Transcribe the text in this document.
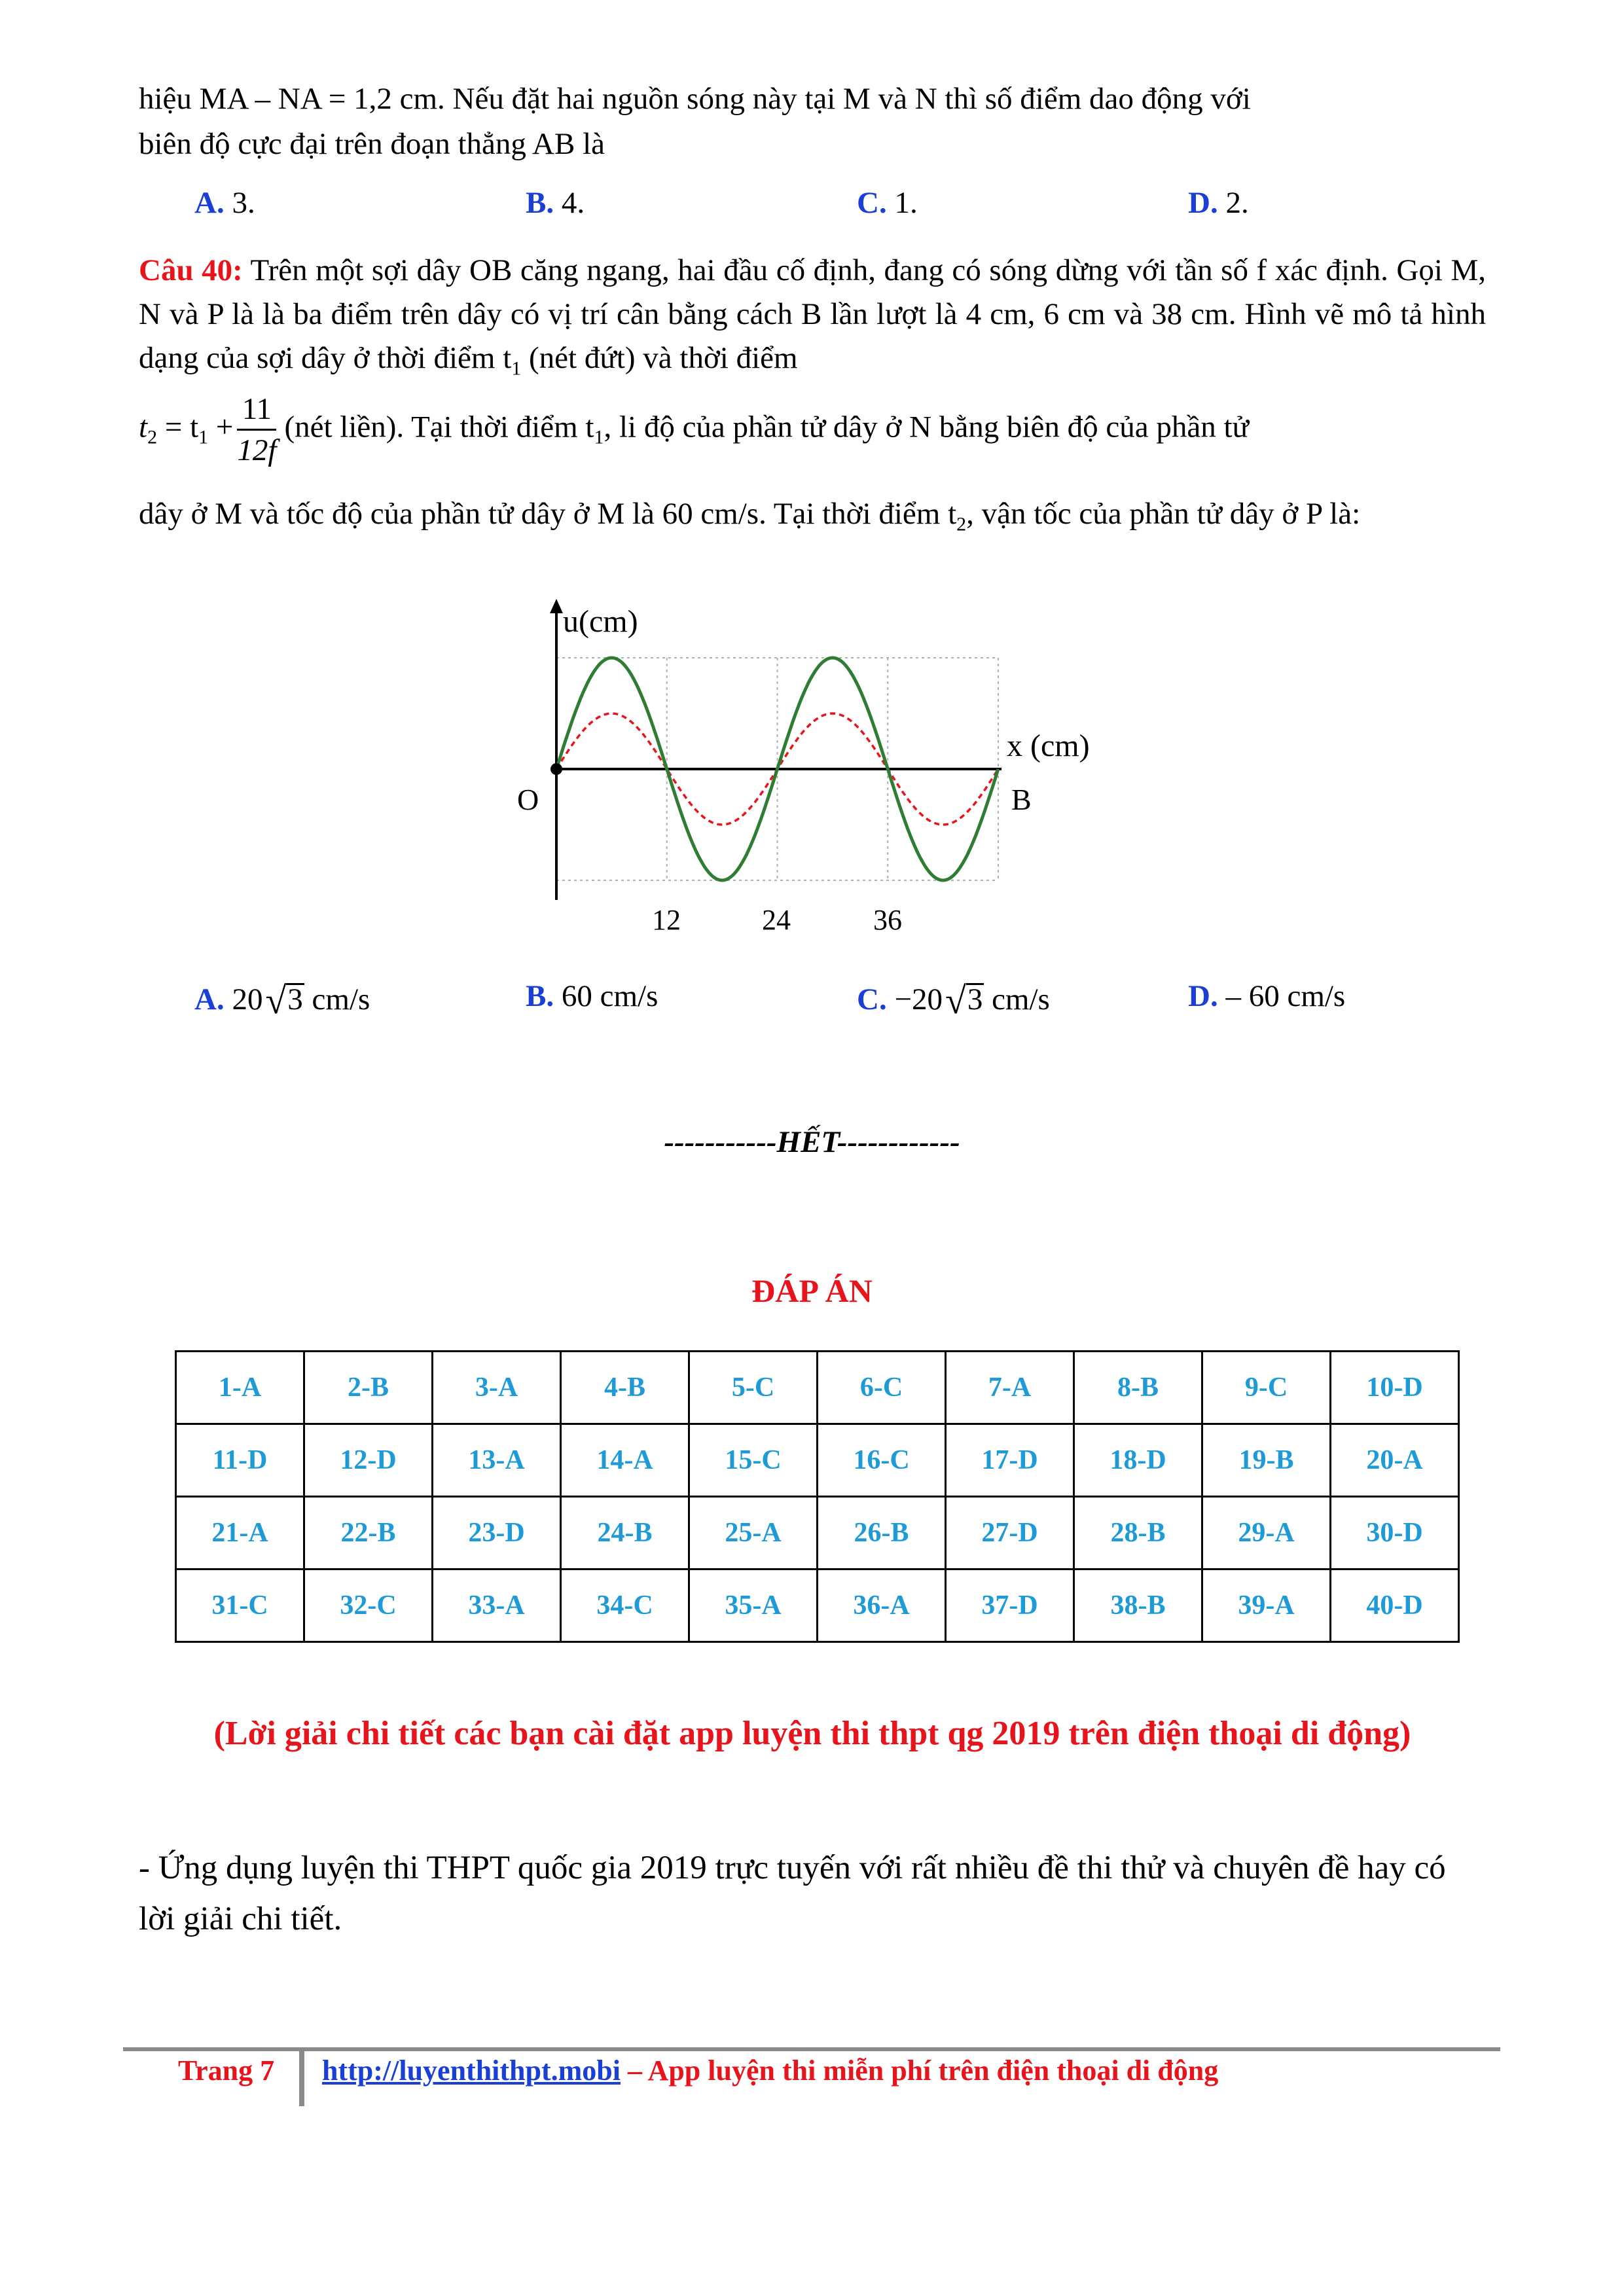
hiệu MA – NA = 1,2 cm. Nếu đặt hai nguồn sóng này tại M và N thì số điểm dao động với

biên độ cực đại trên đoạn thẳng AB là

A. 3.	B. 4.	C. 1.	D. 2.

Câu 40: Trên một sợi dây OB căng ngang, hai đầu cố định, đang có sóng dừng với tần số f xác định. Gọi M, N và P là là ba điểm trên dây có vị trí cân bằng cách B lần lượt là 4 cm, 6 cm và 38 cm. Hình vẽ mô tả hình dạng của sợi dây ở thời điểm $t_1$ (nét đứt) và thời điểm

$t_2 = t_1 + \frac{11}{12f}$ (nét liền). Tại thời điểm $t_1$, li độ của phần tử dây ở N bằng biên độ của phần tử

dây ở M và tốc độ của phần tử dây ở M là 60 cm/s. Tại thời điểm $t_2$, vận tốc của phần tử dây ở P là:

u(cm)
x (cm)
O	B
12	24	36
A. 20√3 cm/s	B. 60 cm/s	C. −20√3 cm/s	D. – 60 cm/s
-----------HẾT------------
ĐÁP ÁN
1-A	2-B	3-A	4-B	5-C	6-C	7-A	8-B	9-C	10-D
11-D	12-D	13-A	14-A	15-C	16-C	17-D	18-D	19-B	20-A
21-A	22-B	23-D	24-B	25-A	26-B	27-D	28-B	29-A	30-D
31-C	32-C	33-A	34-C	35-A	36-A	37-D	38-B	39-A	40-D
(Lời giải chi tiết các bạn cài đặt app luyện thi thpt qg 2019 trên điện thoại di động)
- Ứng dụng luyện thi THPT quốc gia 2019 trực tuyến với rất nhiều đề thi thử và chuyên đề hay có lời giải chi tiết.
Trang 7 http://luyenthithpt.mobi – App luyện thi miễn phí trên điện thoại di động
